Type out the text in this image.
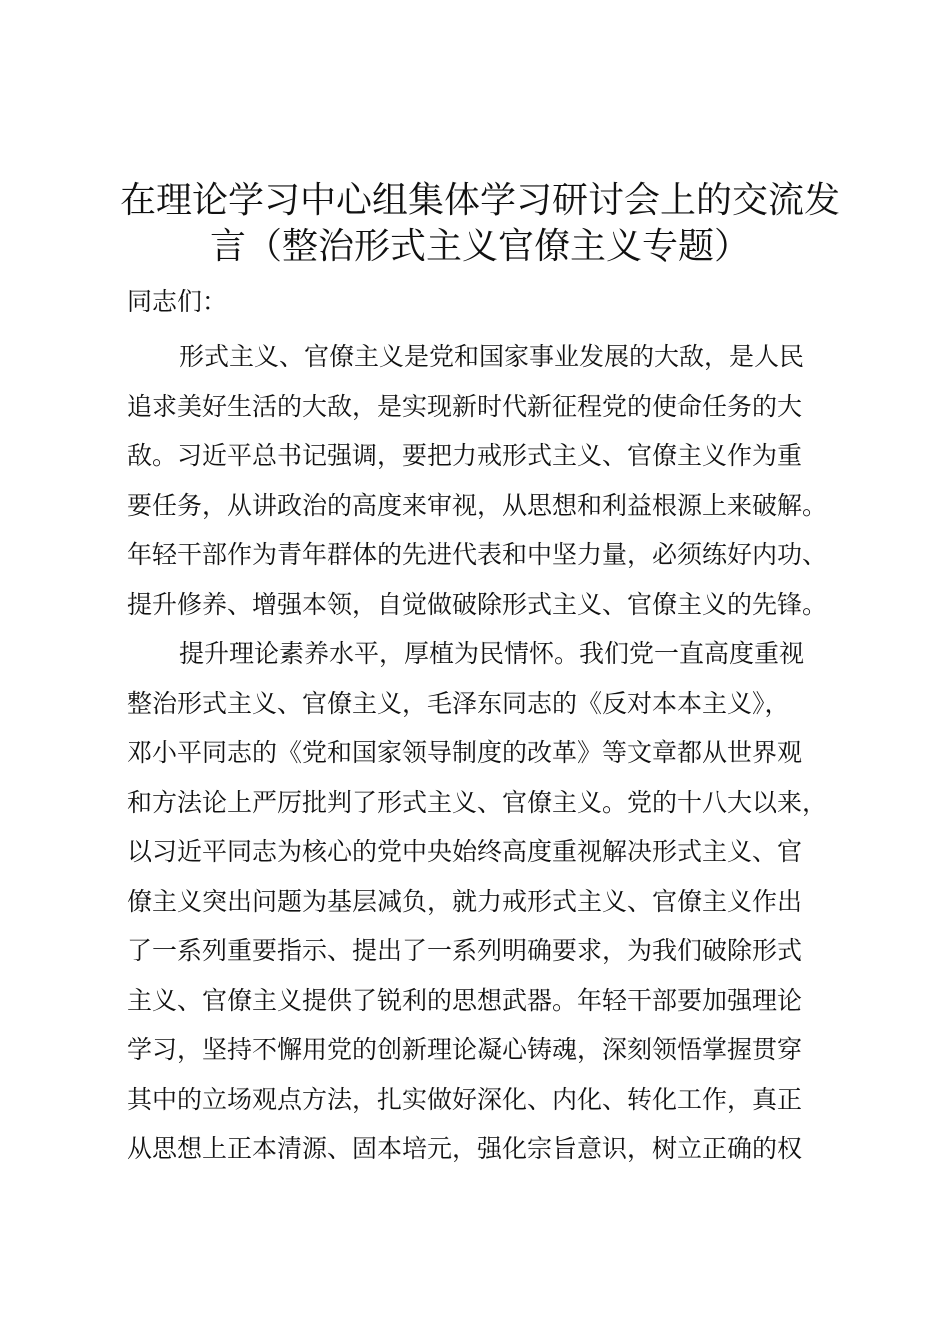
在理论学习中心组集体学习研讨会上的交流发
言（整治形式主义官僚主义专题）

同志们：

形式主义、官僚主义是党和国家事业发展的大敌，是人民
追求美好生活的大敌，是实现新时代新征程党的使命任务的大
敌。习近平总书记强调，要把力戒形式主义、官僚主义作为重
要任务，从讲政治的高度来审视，从思想和利益根源上来破解。
年轻干部作为青年群体的先进代表和中坚力量，必须练好内功、
提升修养、增强本领，自觉做破除形式主义、官僚主义的先锋。

提升理论素养水平，厚植为民情怀。我们党一直高度重视
整治形式主义、官僚主义，毛泽东同志的《反对本本主义》，
邓小平同志的《党和国家领导制度的改革》等文章都从世界观
和方法论上严厉批判了形式主义、官僚主义。党的十八大以来，
以习近平同志为核心的党中央始终高度重视解决形式主义、官
僚主义突出问题为基层减负，就力戒形式主义、官僚主义作出
了一系列重要指示、提出了一系列明确要求，为我们破除形式
主义、官僚主义提供了锐利的思想武器。年轻干部要加强理论
学习，坚持不懈用党的创新理论凝心铸魂，深刻领悟掌握贯穿
其中的立场观点方法，扎实做好深化、内化、转化工作，真正
从思想上正本清源、固本培元，强化宗旨意识，树立正确的权
